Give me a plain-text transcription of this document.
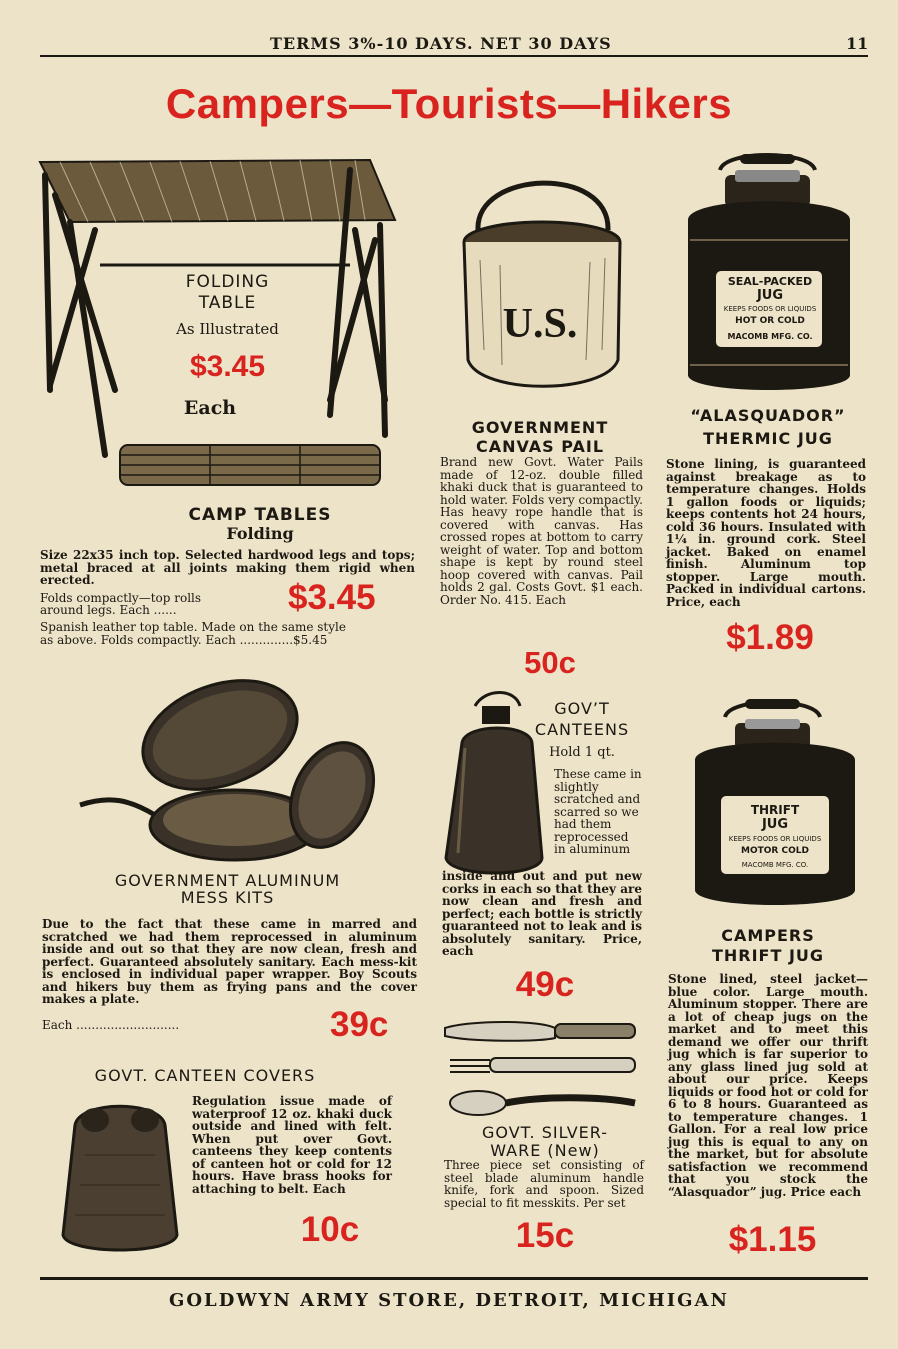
TERMS 3%-10 DAYS. NET 30 DAYS	11
Campers—Tourists—Hikers
FOLDING
TABLE
As Illustrated
$3.45
Each
CAMP TABLES
Folding
Size 22x35 inch top. Selected hardwood legs and tops; metal braced at all joints making them rigid when erected.
Folds compactly—top rolls
around legs. Each ......	$3.45
Spanish leather top table. Made on the same style
as above. Folds compactly. Each ..............$5.45
U.S.
GOVERNMENT
CANVAS PAIL
Brand new Govt. Water Pails made of 12-oz. double filled khaki duck that is guaranteed to hold water. Folds very compactly. Has heavy rope handle that is covered with canvas. Has crossed ropes at bottom to carry weight of water. Top and bottom shape is kept by round steel hoop covered with canvas. Pail holds 2 gal. Costs Govt. $1 each. Order No. 415. Each
50c
SEAL-PACKED
JUG
KEEPS FOODS OR LIQUIDS
HOT OR COLD
MACOMB MFG. CO.
“ALASQUADOR”
THERMIC JUG
Stone lining, is guaranteed against breakage as to temperature changes. Holds 1 gallon foods or liquids; keeps contents hot 24 hours, cold 36 hours. Insulated with 1¼ in. ground cork. Steel jacket. Baked on enamel finish. Aluminum top stopper. Large mouth. Packed in individual cartons. Price, each
$1.89
GOVERNMENT ALUMINUM
MESS KITS
Due to the fact that these came in marred and scratched we had them reprocessed in aluminum inside and out so that they are now clean, fresh and perfect. Guaranteed absolutely sanitary. Each mess-kit is enclosed in individual paper wrapper. Boy Scouts and hikers buy them as frying pans and the cover makes a plate.
Each ...........................	39c
GOV’T
CANTEENS
Hold 1 qt.
These came in slightly scratched and scarred so we had them reprocessed in aluminum
inside and out and put new corks in each so that they are now clean and fresh and perfect; each bottle is strictly guaranteed not to leak and is absolutely sanitary. Price, each
49c
THRIFT
JUG
KEEPS FOODS OR LIQUIDS
MOTOR COLD
MACOMB MFG. CO.
CAMPERS
THRIFT JUG
Stone lined, steel jacket—blue color. Large mouth. Aluminum stopper. There are a lot of cheap jugs on the market and to meet this demand we offer our thrift jug which is far superior to any glass lined jug sold at about our price. Keeps liquids or food hot or cold for 6 to 8 hours. Guaranteed as to temperature changes. 1 Gallon. For a real low price jug this is equal to any on the market, but for absolute satisfaction we recommend that you stock the “Alasquador” jug. Price each
$1.15
GOVT. CANTEEN COVERS
Regulation issue made of waterproof 12 oz. khaki duck outside and lined with felt. When put over Govt. canteens they keep contents of canteen hot or cold for 12 hours. Have brass hooks for attaching to belt. Each
10c
GOVT. SILVER-
WARE (New)
Three piece set consisting of steel blade aluminum handle knife, fork and spoon. Sized special to fit messkits. Per set
15c
GOLDWYN ARMY STORE, DETROIT, MICHIGAN
